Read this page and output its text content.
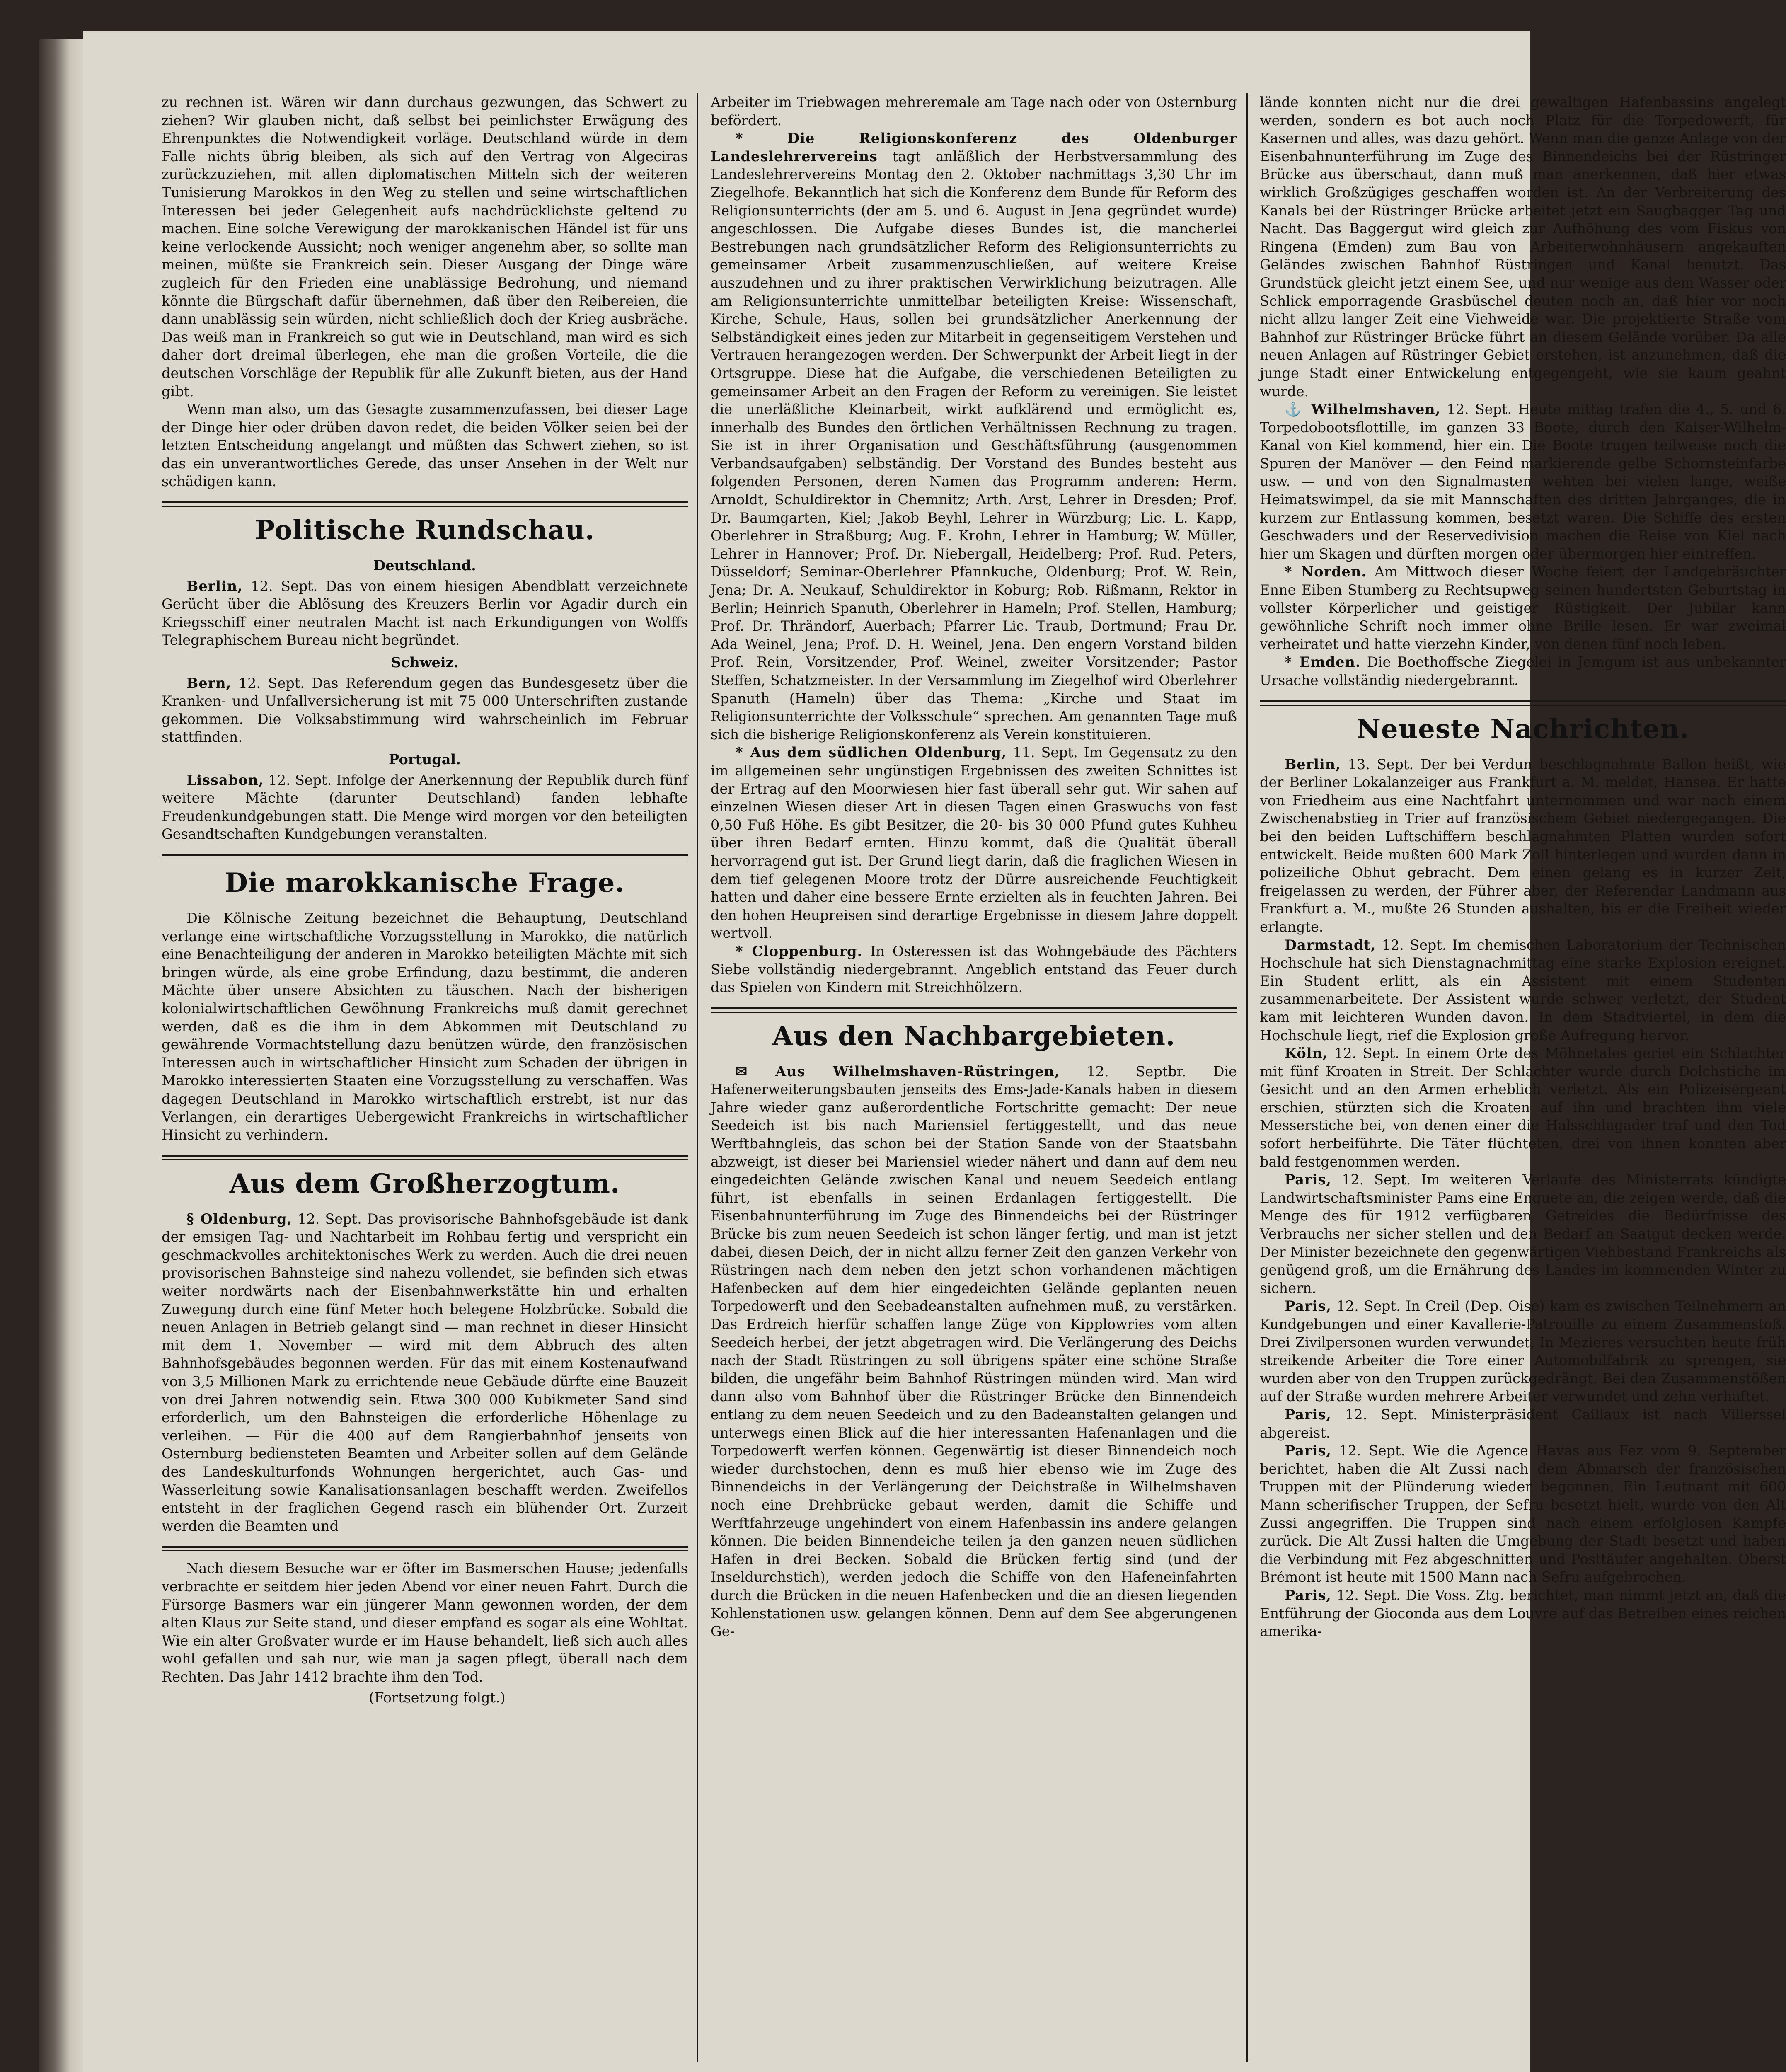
zu rechnen ist. Wären wir dann durchaus gezwungen, das Schwert zu ziehen? Wir glauben nicht, daß selbst bei peinlichster Erwägung des Ehrenpunktes die Notwendigkeit vorläge. Deutschland würde in dem Falle nichts übrig bleiben, als sich auf den Vertrag von Algeciras zurückzuziehen, mit allen diplomatischen Mitteln sich der weiteren Tunisierung Marokkos in den Weg zu stellen und seine wirtschaftlichen Interessen bei jeder Gelegenheit aufs nachdrücklichste geltend zu machen. Eine solche Verewigung der marokkanischen Händel ist für uns keine verlockende Aussicht; noch weniger angenehm aber, so sollte man meinen, müßte sie Frankreich sein. Dieser Ausgang der Dinge wäre zugleich für den Frieden eine unablässige Bedrohung, und niemand könnte die Bürgschaft dafür übernehmen, daß über den Reibereien, die dann unablässig sein würden, nicht schließlich doch der Krieg ausbräche. Das weiß man in Frankreich so gut wie in Deutschland, man wird es sich daher dort dreimal überlegen, ehe man die großen Vorteile, die die deutschen Vorschläge der Republik für alle Zukunft bieten, aus der Hand gibt.

Wenn man also, um das Gesagte zusammenzufassen, bei dieser Lage der Dinge hier oder drüben davon redet, die beiden Völker seien bei der letzten Entscheidung angelangt und müßten das Schwert ziehen, so ist das ein unverantwortliches Gerede, das unser Ansehen in der Welt nur schädigen kann.

Politische Rundschau.
Deutschland.

Berlin, 12. Sept. Das von einem hiesigen Abendblatt verzeichnete Gerücht über die Ablösung des Kreuzers Berlin vor Agadir durch ein Kriegsschiff einer neutralen Macht ist nach Erkundigungen von Wolffs Telegraphischem Bureau nicht begründet.

Schweiz.

Bern, 12. Sept. Das Referendum gegen das Bundesgesetz über die Kranken- und Unfallversicherung ist mit 75 000 Unterschriften zustande gekommen. Die Volksabstimmung wird wahrscheinlich im Februar stattfinden.

Portugal.

Lissabon, 12. Sept. Infolge der Anerkennung der Republik durch fünf weitere Mächte (darunter Deutschland) fanden lebhafte Freudenkundgebungen statt. Die Menge wird morgen vor den beteiligten Gesandtschaften Kundgebungen veranstalten.

Die marokkanische Frage.

Die Kölnische Zeitung bezeichnet die Behauptung, Deutschland verlange eine wirtschaftliche Vorzugsstellung in Marokko, die natürlich eine Benachteiligung der anderen in Marokko beteiligten Mächte mit sich bringen würde, als eine grobe Erfindung, dazu bestimmt, die anderen Mächte über unsere Absichten zu täuschen. Nach der bisherigen kolonialwirtschaftlichen Gewöhnung Frankreichs muß damit gerechnet werden, daß es die ihm in dem Abkommen mit Deutschland zu gewährende Vormachtstellung dazu benützen würde, den französischen Interessen auch in wirtschaftlicher Hinsicht zum Schaden der übrigen in Marokko interessierten Staaten eine Vorzugsstellung zu verschaffen. Was dagegen Deutschland in Marokko wirtschaftlich erstrebt, ist nur das Verlangen, ein derartiges Uebergewicht Frankreichs in wirtschaftlicher Hinsicht zu verhindern.

Aus dem Großherzogtum.

§ Oldenburg, 12. Sept. Das provisorische Bahnhofsgebäude ist dank der emsigen Tag- und Nachtarbeit im Rohbau fertig und verspricht ein geschmackvolles architektonisches Werk zu werden. Auch die drei neuen provisorischen Bahnsteige sind nahezu vollendet, sie befinden sich etwas weiter nordwärts nach der Eisenbahnwerkstätte hin und erhalten Zuwegung durch eine fünf Meter hoch belegene Holzbrücke. Sobald die neuen Anlagen in Betrieb gelangt sind — man rechnet in dieser Hinsicht mit dem 1. November — wird mit dem Abbruch des alten Bahnhofsgebäudes begonnen werden. Für das mit einem Kostenaufwand von 3,5 Millionen Mark zu errichtende neue Gebäude dürfte eine Bauzeit von drei Jahren notwendig sein. Etwa 300 000 Kubikmeter Sand sind erforderlich, um den Bahnsteigen die erforderliche Höhenlage zu verleihen. — Für die 400 auf dem Rangierbahnhof jenseits von Osternburg bediensteten Beamten und Arbeiter sollen auf dem Gelände des Landeskulturfonds Wohnungen hergerichtet, auch Gas- und Wasserleitung sowie Kanalisationsanlagen beschafft werden. Zweifellos entsteht in der fraglichen Gegend rasch ein blühender Ort. Zurzeit werden die Beamten und

Nach diesem Besuche war er öfter im Basmerschen Hause; jedenfalls verbrachte er seitdem hier jeden Abend vor einer neuen Fahrt. Durch die Fürsorge Basmers war ein jüngerer Mann gewonnen worden, der dem alten Klaus zur Seite stand, und dieser empfand es sogar als eine Wohltat. Wie ein alter Großvater wurde er im Hause behandelt, ließ sich auch alles wohl gefallen und sah nur, wie man ja sagen pflegt, überall nach dem Rechten. Das Jahr 1412 brachte ihm den Tod.

(Fortsetzung folgt.)

Arbeiter im Triebwagen mehreremale am Tage nach oder von Osternburg befördert.

* Die Religionskonferenz des Oldenburger Landeslehrervereins tagt anläßlich der Herbstversammlung des Landeslehrervereins Montag den 2. Oktober nachmittags 3,30 Uhr im Ziegelhofe. Bekanntlich hat sich die Konferenz dem Bunde für Reform des Religionsunterrichts (der am 5. und 6. August in Jena gegründet wurde) angeschlossen. Die Aufgabe dieses Bundes ist, die mancherlei Bestrebungen nach grundsätzlicher Reform des Religionsunterrichts zu gemeinsamer Arbeit zusammenzuschließen, auf weitere Kreise auszudehnen und zu ihrer praktischen Verwirklichung beizutragen. Alle am Religionsunterrichte unmittelbar beteiligten Kreise: Wissenschaft, Kirche, Schule, Haus, sollen bei grundsätzlicher Anerkennung der Selbständigkeit eines jeden zur Mitarbeit in gegenseitigem Verstehen und Vertrauen herangezogen werden. Der Schwerpunkt der Arbeit liegt in der Ortsgruppe. Diese hat die Aufgabe, die verschiedenen Beteiligten zu gemeinsamer Arbeit an den Fragen der Reform zu vereinigen. Sie leistet die unerläßliche Kleinarbeit, wirkt aufklärend und ermöglicht es, innerhalb des Bundes den örtlichen Verhältnissen Rechnung zu tragen. Sie ist in ihrer Organisation und Geschäftsführung (ausgenommen Verbandsaufgaben) selbständig. Der Vorstand des Bundes besteht aus folgenden Personen, deren Namen das Programm anderen: Herm. Arnoldt, Schuldirektor in Chemnitz; Arth. Arst, Lehrer in Dresden; Prof. Dr. Baumgarten, Kiel; Jakob Beyhl, Lehrer in Würzburg; Lic. L. Kapp, Oberlehrer in Straßburg; Aug. E. Krohn, Lehrer in Hamburg; W. Müller, Lehrer in Hannover; Prof. Dr. Niebergall, Heidelberg; Prof. Rud. Peters, Düsseldorf; Seminar-Oberlehrer Pfannkuche, Oldenburg; Prof. W. Rein, Jena; Dr. A. Neukauf, Schuldirektor in Koburg; Rob. Rißmann, Rektor in Berlin; Heinrich Spanuth, Oberlehrer in Hameln; Prof. Stellen, Hamburg; Prof. Dr. Thrändorf, Auerbach; Pfarrer Lic. Traub, Dortmund; Frau Dr. Ada Weinel, Jena; Prof. D. H. Weinel, Jena. Den engern Vorstand bilden Prof. Rein, Vorsitzender, Prof. Weinel, zweiter Vorsitzender; Pastor Steffen, Schatzmeister. In der Versammlung im Ziegelhof wird Oberlehrer Spanuth (Hameln) über das Thema: „Kirche und Staat im Religionsunterrichte der Volksschule“ sprechen. Am genannten Tage muß sich die bisherige Religionskonferenz als Verein konstituieren.

* Aus dem südlichen Oldenburg, 11. Sept. Im Gegensatz zu den im allgemeinen sehr ungünstigen Ergebnissen des zweiten Schnittes ist der Ertrag auf den Moorwiesen hier fast überall sehr gut. Wir sahen auf einzelnen Wiesen dieser Art in diesen Tagen einen Graswuchs von fast 0,50 Fuß Höhe. Es gibt Besitzer, die 20- bis 30 000 Pfund gutes Kuhheu über ihren Bedarf ernten. Hinzu kommt, daß die Qualität überall hervorragend gut ist. Der Grund liegt darin, daß die fraglichen Wiesen in dem tief gelegenen Moore trotz der Dürre ausreichende Feuchtigkeit hatten und daher eine bessere Ernte erzielten als in feuchten Jahren. Bei den hohen Heupreisen sind derartige Ergebnisse in diesem Jahre doppelt wertvoll.

* Cloppenburg. In Osteressen ist das Wohngebäude des Pächters Siebe vollständig niedergebrannt. Angeblich entstand das Feuer durch das Spielen von Kindern mit Streichhölzern.

Aus den Nachbargebieten.

✉ Aus Wilhelmshaven-Rüstringen, 12. Septbr. Die Hafenerweiterungsbauten jenseits des Ems-Jade-Kanals haben in diesem Jahre wieder ganz außerordentliche Fortschritte gemacht: Der neue Seedeich ist bis nach Mariensiel fertiggestellt, und das neue Werftbahngleis, das schon bei der Station Sande von der Staatsbahn abzweigt, ist dieser bei Mariensiel wieder nähert und dann auf dem neu eingedeichten Gelände zwischen Kanal und neuem Seedeich entlang führt, ist ebenfalls in seinen Erdanlagen fertiggestellt. Die Eisenbahnunterführung im Zuge des Binnendeichs bei der Rüstringer Brücke bis zum neuen Seedeich ist schon länger fertig, und man ist jetzt dabei, diesen Deich, der in nicht allzu ferner Zeit den ganzen Verkehr von Rüstringen nach dem neben den jetzt schon vorhandenen mächtigen Hafenbecken auf dem hier eingedeichten Gelände geplanten neuen Torpedowerft und den Seebadeanstalten aufnehmen muß, zu verstärken. Das Erdreich hierfür schaffen lange Züge von Kipplowries vom alten Seedeich herbei, der jetzt abgetragen wird. Die Verlängerung des Deichs nach der Stadt Rüstringen zu soll übrigens später eine schöne Straße bilden, die ungefähr beim Bahnhof Rüstringen münden wird. Man wird dann also vom Bahnhof über die Rüstringer Brücke den Binnendeich entlang zu dem neuen Seedeich und zu den Badeanstalten gelangen und unterwegs einen Blick auf die hier interessanten Hafenanlagen und die Torpedowerft werfen können. Gegenwärtig ist dieser Binnendeich noch wieder durchstochen, denn es muß hier ebenso wie im Zuge des Binnendeichs in der Verlängerung der Deichstraße in Wilhelmshaven noch eine Drehbrücke gebaut werden, damit die Schiffe und Werftfahrzeuge ungehindert von einem Hafenbassin ins andere gelangen können. Die beiden Binnendeiche teilen ja den ganzen neuen südlichen Hafen in drei Becken. Sobald die Brücken fertig sind (und der Inseldurchstich), werden jedoch die Schiffe von den Hafeneinfahrten durch die Brücken in die neuen Hafenbecken und die an diesen liegenden Kohlenstationen usw. gelangen können. Denn auf dem See abgerungenen Ge-

lände konnten nicht nur die drei gewaltigen Hafenbassins angelegt werden, sondern es bot auch noch Platz für die Torpedowerft, für Kasernen und alles, was dazu gehört. Wenn man die ganze Anlage von der Eisenbahnunterführung im Zuge des Binnendeichs bei der Rüstringer Brücke aus überschaut, dann muß man anerkennen, daß hier etwas wirklich Großzügiges geschaffen worden ist. An der Verbreiterung des Kanals bei der Rüstringer Brücke arbeitet jetzt ein Saugbagger Tag und Nacht. Das Baggergut wird gleich zur Aufhöhung des vom Fiskus von Ringena (Emden) zum Bau von Arbeiterwohnhäusern angekauften Geländes zwischen Bahnhof Rüstringen und Kanal benutzt. Das Grundstück gleicht jetzt einem See, und nur wenige aus dem Wasser oder Schlick emporragende Grasbüschel deuten noch an, daß hier vor noch nicht allzu langer Zeit eine Viehweide war. Die projektierte Straße vom Bahnhof zur Rüstringer Brücke führt an diesem Gelände vorüber. Da alle neuen Anlagen auf Rüstringer Gebiet erstehen, ist anzunehmen, daß die junge Stadt einer Entwickelung entgegengeht, wie sie kaum geahnt wurde.

⚓ Wilhelmshaven, 12. Sept. Heute mittag trafen die 4., 5. und 6. Torpedobootsflottille, im ganzen 33 Boote, durch den Kaiser-Wilhelm-Kanal von Kiel kommend, hier ein. Die Boote trugen teilweise noch die Spuren der Manöver — den Feind markierende gelbe Schornsteinfarbe usw. — und von den Signalmasten wehten bei vielen lange, weiße Heimatswimpel, da sie mit Mannschaften des dritten Jahrganges, die in kurzem zur Entlassung kommen, besetzt waren. Die Schiffe des ersten Geschwaders und der Reservedivision machen die Reise von Kiel nach hier um Skagen und dürften morgen oder übermorgen hier eintreffen.

* Norden. Am Mittwoch dieser Woche feiert der Landgebräuchter Enne Eiben Stumberg zu Rechtsupweg seinen hundertsten Geburtstag in vollster Körperlicher und geistiger Rüstigkeit. Der Jubilar kann gewöhnliche Schrift noch immer ohne Brille lesen. Er war zweimal verheiratet und hatte vierzehn Kinder, von denen fünf noch leben.

* Emden. Die Boethoffsche Ziegelei in Jemgum ist aus unbekannter Ursache vollständig niedergebrannt.

Neueste Nachrichten.

Berlin, 13. Sept. Der bei Verdun beschlagnahmte Ballon heißt, wie der Berliner Lokalanzeiger aus Frankfurt a. M. meldet, Hansea. Er hatte von Friedheim aus eine Nachtfahrt unternommen und war nach einem Zwischenabstieg in Trier auf französischem Gebiet niedergegangen. Die bei den beiden Luftschiffern beschlagnahmten Platten wurden sofort entwickelt. Beide mußten 600 Mark Zoll hinterlegen und wurden dann in polizeiliche Obhut gebracht. Dem einen gelang es in kurzer Zeit, freigelassen zu werden, der Führer aber, der Referendar Landmann aus Frankfurt a. M., mußte 26 Stunden aushalten, bis er die Freiheit wieder erlangte.

Darmstadt, 12. Sept. Im chemischen Laboratorium der Technischen Hochschule hat sich Dienstagnachmittag eine starke Explosion ereignet. Ein Student erlitt, als ein Assistent mit einem Studenten zusammenarbeitete. Der Assistent wurde schwer verletzt, der Student kam mit leichteren Wunden davon. In dem Stadtviertel, in dem die Hochschule liegt, rief die Explosion große Aufregung hervor.

Köln, 12. Sept. In einem Orte des Möhnetales geriet ein Schlachter mit fünf Kroaten in Streit. Der Schlachter wurde durch Dolchstiche im Gesicht und an den Armen erheblich verletzt. Als ein Polizeisergeant erschien, stürzten sich die Kroaten auf ihn und brachten ihm viele Messerstiche bei, von denen einer die Halsschlagader traf und den Tod sofort herbeiführte. Die Täter flüchteten, drei von ihnen konnten aber bald festgenommen werden.

Paris, 12. Sept. Im weiteren Verlaufe des Ministerrats kündigte Landwirtschaftsminister Pams eine Enquete an, die zeigen werde, daß die Menge des für 1912 verfügbaren Getreides die Bedürfnisse des Verbrauchs ner sicher stellen und den Bedarf an Saatgut decken werde. Der Minister bezeichnete den gegenwärtigen Viehbestand Frankreichs als genügend groß, um die Ernährung des Landes im kommenden Winter zu sichern.

Paris, 12. Sept. In Creil (Dep. Oise) kam es zwischen Teilnehmern an Kundgebungen und einer Kavallerie-Patrouille zu einem Zusammenstoß. Drei Zivilpersonen wurden verwundet. In Mezieres versuchten heute früh streikende Arbeiter die Tore einer Automobilfabrik zu sprengen, sie wurden aber von den Truppen zurückgedrängt. Bei den Zusammenstößen auf der Straße wurden mehrere Arbeiter verwundet und zehn verhaftet.

Paris, 12. Sept. Ministerpräsident Caillaux ist nach Villerssel abgereist.

Paris, 12. Sept. Wie die Agence Havas aus Fez vom 9. September berichtet, haben die Alt Zussi nach dem Abmarsch der französischen Truppen mit der Plünderung wieder begonnen. Ein Leutnant mit 600 Mann scherifischer Truppen, der Sefru besetzt hielt, wurde von den Alt Zussi angegriffen. Die Truppen sind nach einem erfolglosen Kampfe zurück. Die Alt Zussi halten die Umgebung der Stadt besetzt und haben die Verbindung mit Fez abgeschnitten und Posttäufer angehalten. Oberst Brémont ist heute mit 1500 Mann nach Sefru aufgebrochen.

Paris, 12. Sept. Die Voss. Ztg. berichtet, man nimmt jetzt an, daß die Entführung der Gioconda aus dem Louvre auf das Betreiben eines reichen amerika-
